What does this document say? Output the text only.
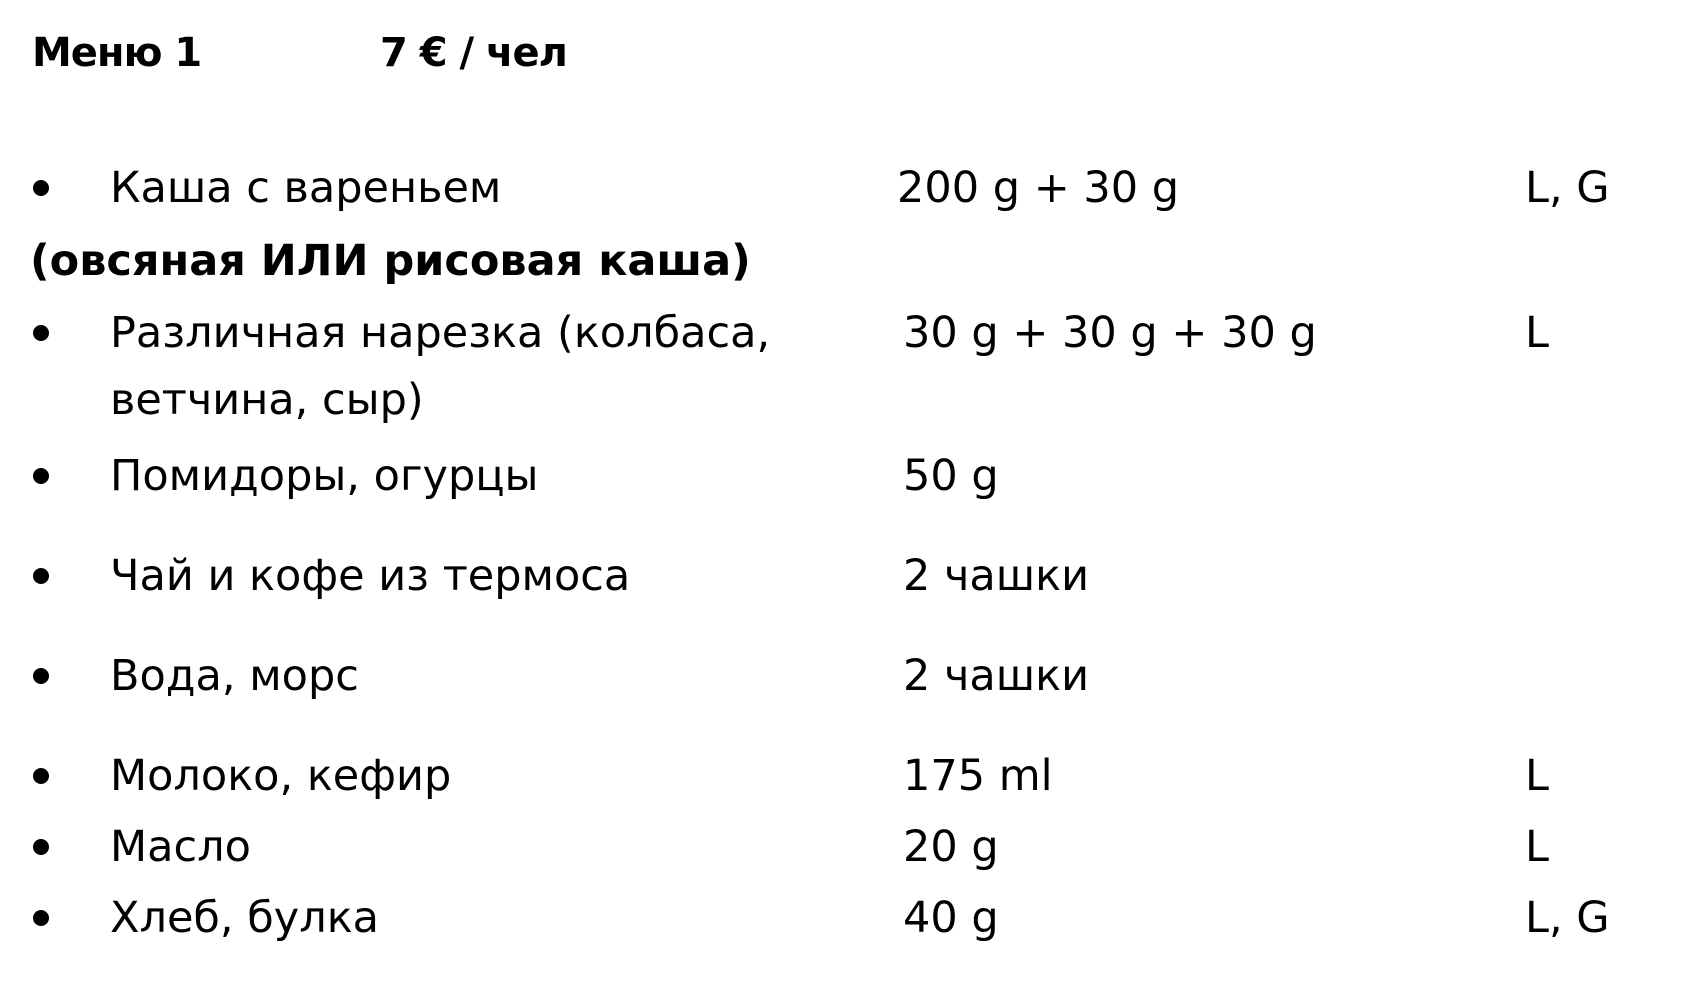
Меню 1	7 € / чел
Каша с вареньем	200 g + 30 g	L, G
(овсяная ИЛИ рисовая каша)
Различная нарезка (колбаса,	30 g + 30 g + 30 g	L
ветчина, сыр)
Помидоры, огурцы	50 g
Чай и кофе из термоса	2 чашки
Вода, морс	2 чашки
Молоко, кефир	175 ml	L
Масло	20 g	L
Хлеб, булка	40 g	L, G
